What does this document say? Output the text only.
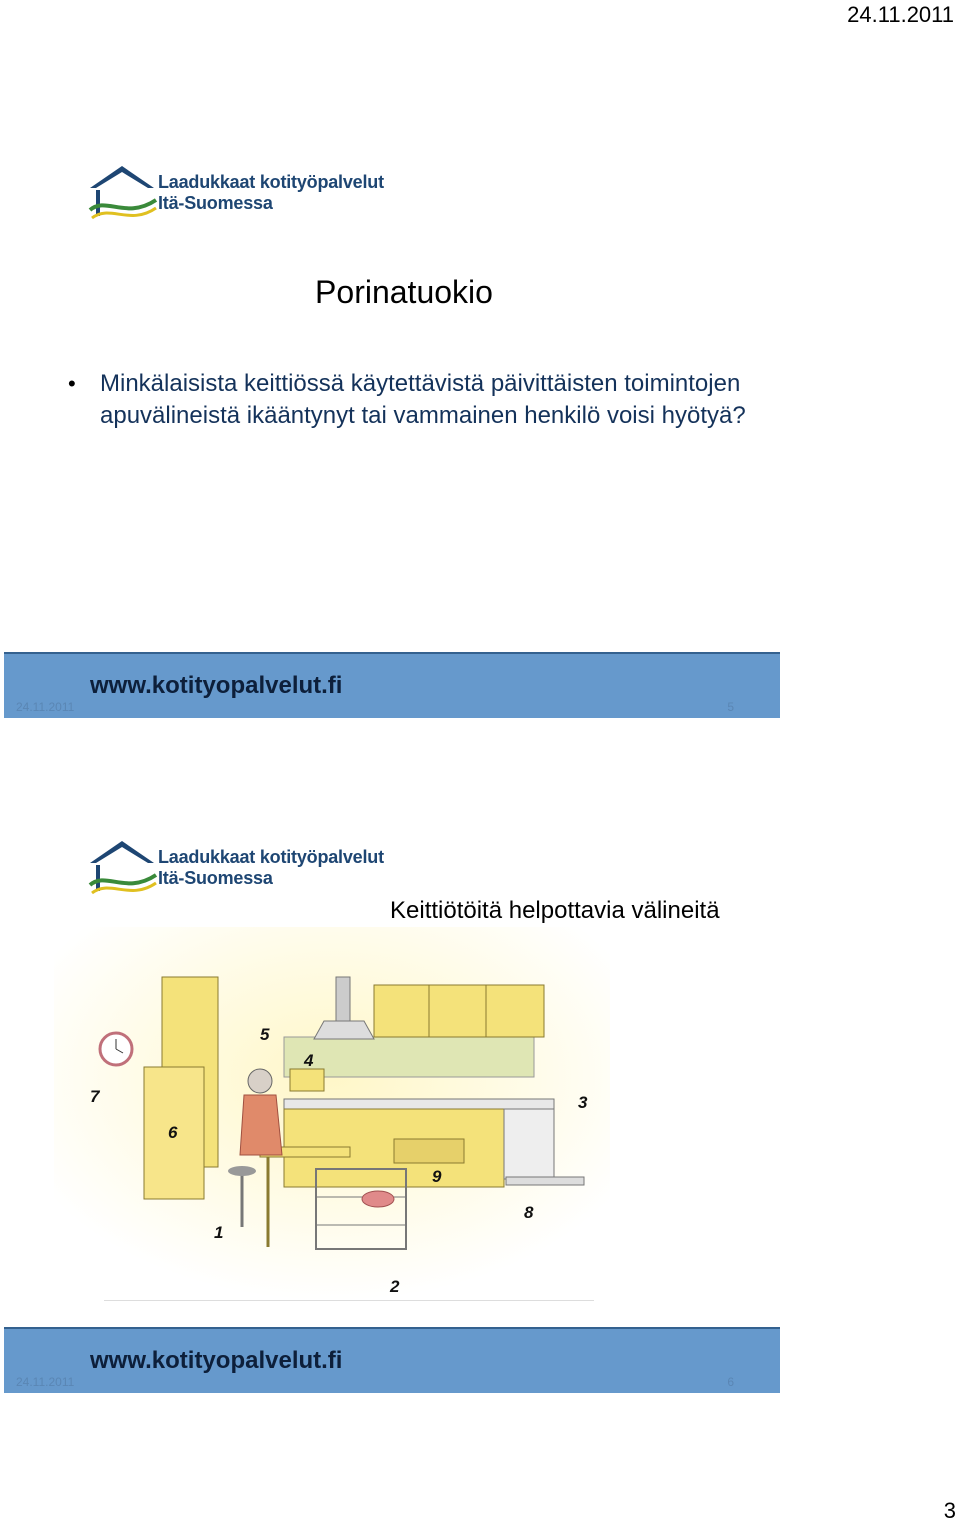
24.11.2011
Laadukkaat kotityöpalvelut
Itä-Suomessa
Porinatuokio
• Minkälaisista keittiössä käytettävistä päivittäisten toimintojen apuvälineistä ikääntynyt tai vammainen henkilö voisi hyötyä?
www.kotityopalvelut.fi
24.11.2011	5
Laadukkaat kotityöpalvelut
Itä-Suomessa
Keittiötöitä helpottavia välineitä
5
4
7	3
6
9
8
1
2
www.kotityopalvelut.fi
24.11.2011	6
3
